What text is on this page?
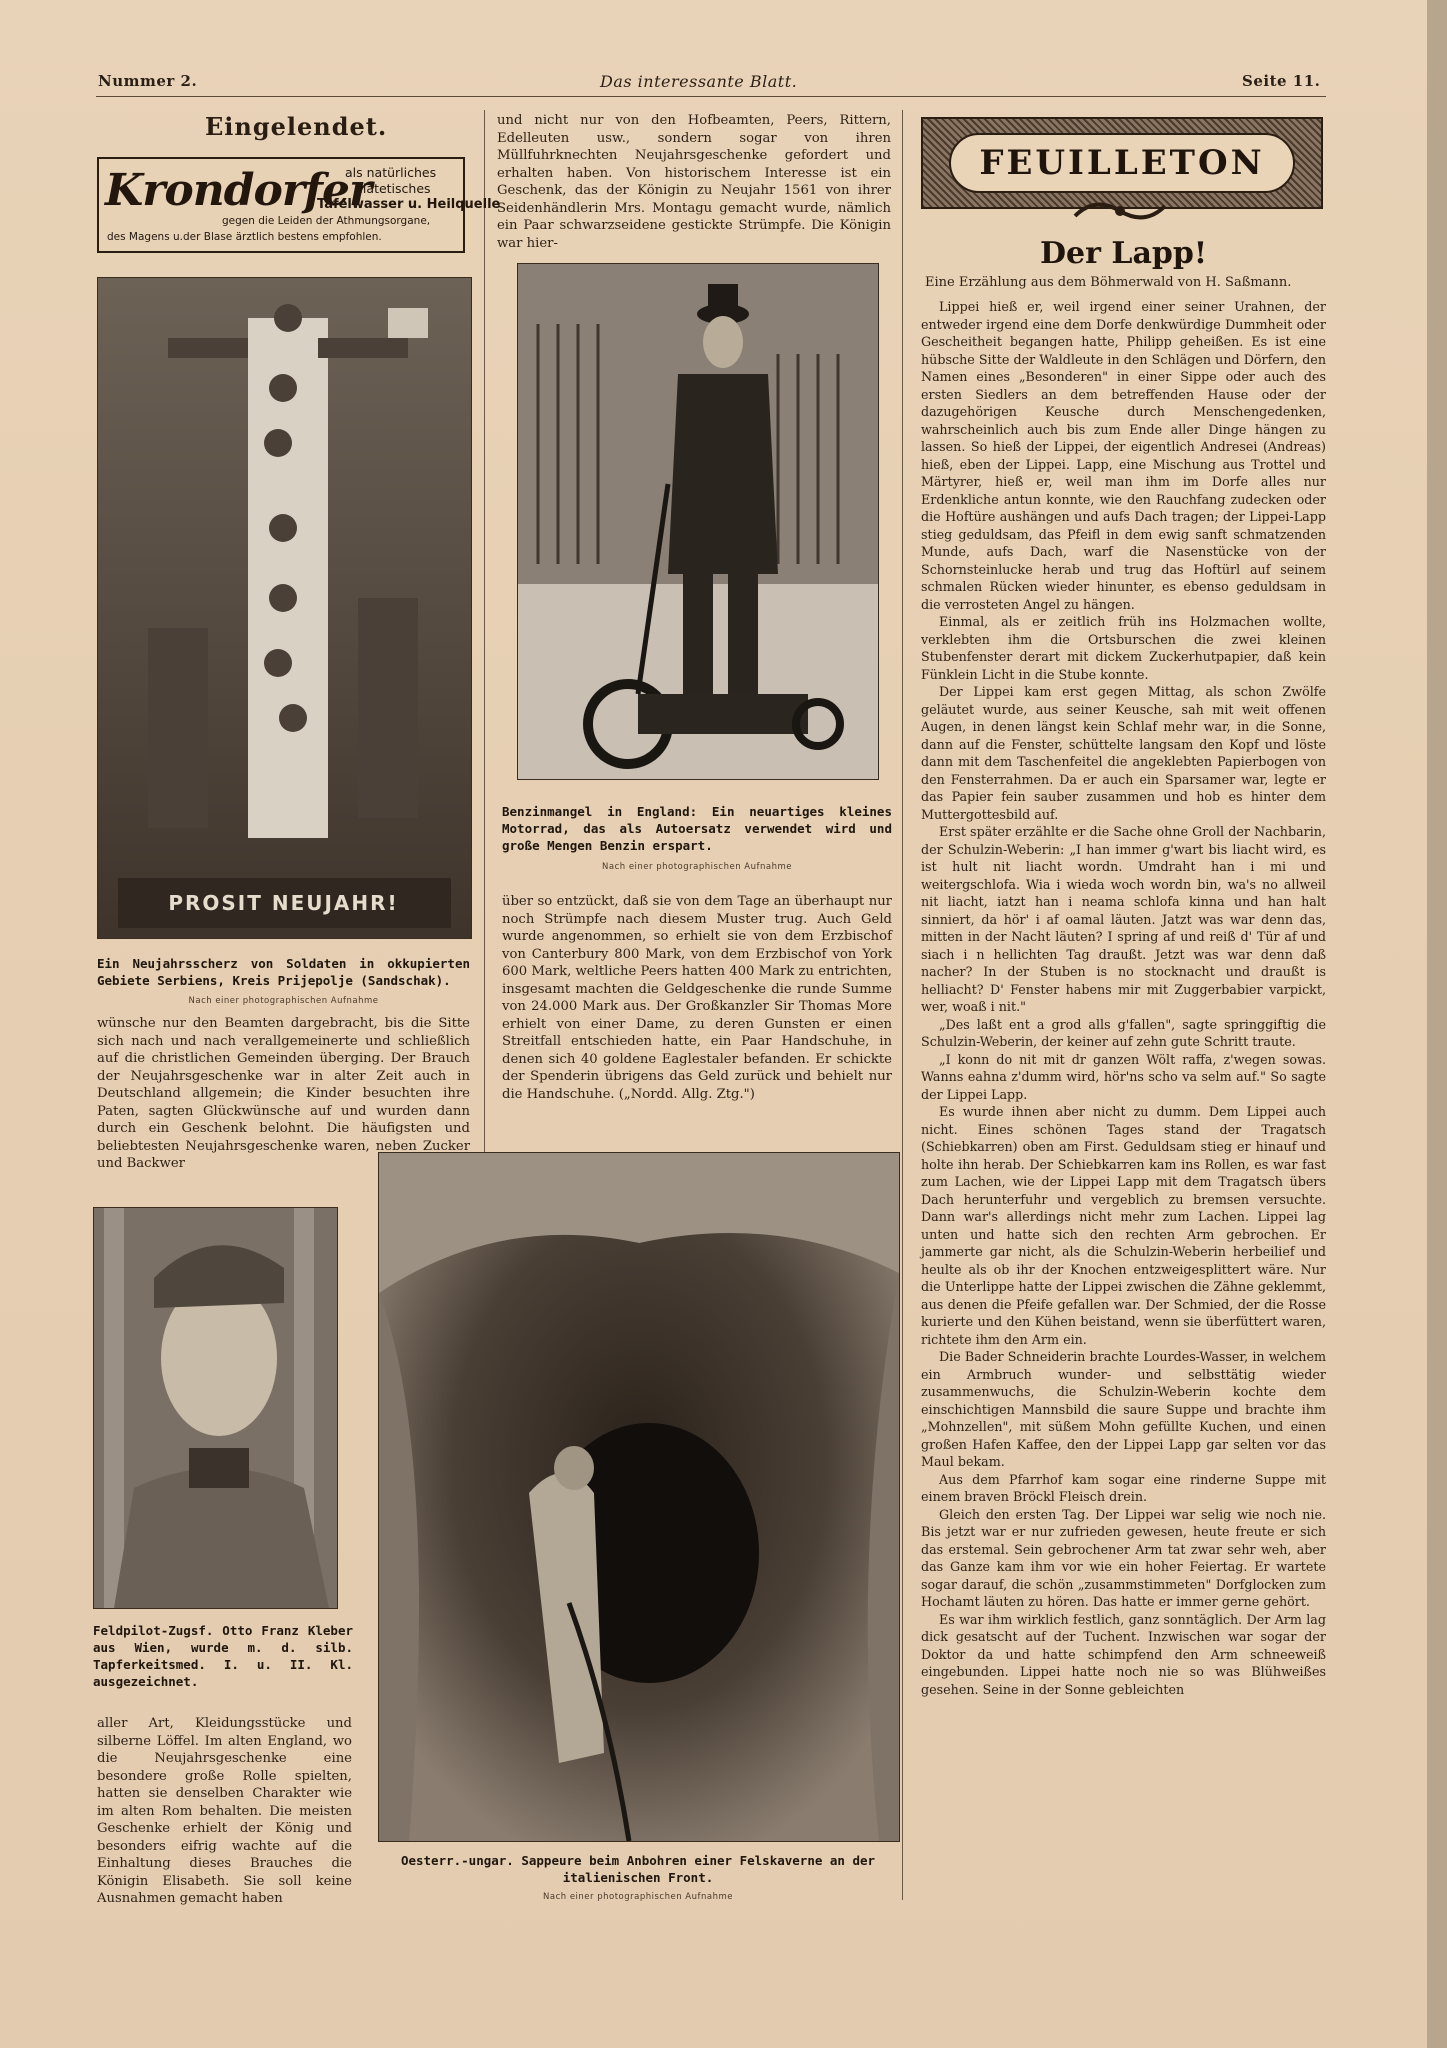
Nummer 2.	Das interessante Blatt.	Seite 11.
Eingelendet.
Krondorfer
als natürliches
diätetisches
Tafelwasser u. Heilquelle
gegen die Leiden der Athmungsorgane,
des Magens u.der Blase ärztlich bestens empfohlen.
PROSIT NEUJAHR!
Ein Neujahrsscherz von Soldaten in okkupierten Gebiete Serbiens, Kreis Prijepolje (Sandschak).
Nach einer photographischen Aufnahme

wünsche nur den Beamten dargebracht, bis die Sitte sich nach und nach verallgemeinerte und schließlich auf die christlichen Gemeinden überging. Der Brauch der Neujahrsgeschenke war in alter Zeit auch in Deutschland allgemein; die Kinder besuchten ihre Paten, sagten Glückwünsche auf und wurden dann durch ein Geschenk belohnt. Die häufigsten und beliebtesten Neujahrsgeschenke waren, neben Zucker und Backwer

Feldpilot-Zugsf. Otto Franz Kleber aus Wien, wurde m. d. silb. Tapferkeitsmed. I. u. II. Kl. ausgezeichnet.

aller Art, Kleidungsstücke und silberne Löffel. Im alten England, wo die Neujahrsgeschenke eine besondere große Rolle spielten, hatten sie denselben Charakter wie im alten Rom behalten. Die meisten Geschenke erhielt der König und besonders eifrig wachte auf die Einhaltung dieses Brauches die Königin Elisabeth. Sie soll keine Ausnahmen gemacht haben

und nicht nur von den Hofbeamten, Peers, Rittern, Edelleuten usw., sondern sogar von ihren Müllfuhrknechten Neujahrsgeschenke gefordert und erhalten haben. Von historischem Interesse ist ein Geschenk, das der Königin zu Neujahr 1561 von ihrer Seidenhändlerin Mrs. Montagu gemacht wurde, nämlich ein Paar schwarzseidene gestickte Strümpfe. Die Königin war hier-

Benzinmangel in England: Ein neuartiges kleines Motorrad, das als Autoersatz verwendet wird und große Mengen Benzin erspart.
Nach einer photographischen Aufnahme

über so entzückt, daß sie von dem Tage an überhaupt nur noch Strümpfe nach diesem Muster trug. Auch Geld wurde angenommen, so erhielt sie von dem Erzbischof von Canterbury 800 Mark, von dem Erzbischof von York 600 Mark, weltliche Peers hatten 400 Mark zu entrichten, insgesamt machten die Geldgeschenke die runde Summe von 24.000 Mark aus. Der Großkanzler Sir Thomas More erhielt von einer Dame, zu deren Gunsten er einen Streitfall entschieden hatte, ein Paar Handschuhe, in denen sich 40 goldene Eaglestaler befanden. Er schickte der Spenderin übrigens das Geld zurück und behielt nur die Handschuhe. („Nordd. Allg. Ztg.")

Oesterr.-ungar. Sappeure beim Anbohren einer Felskaverne an der italienischen Front.
Nach einer photographischen Aufnahme
FEUILLETON
Der Lapp!
Eine Erzählung aus dem Böhmerwald von H. Saßmann.

Lippei hieß er, weil irgend einer seiner Urahnen, der entweder irgend eine dem Dorfe denkwürdige Dummheit oder Gescheitheit begangen hatte, Philipp geheißen. Es ist eine hübsche Sitte der Waldleute in den Schlägen und Dörfern, den Namen eines „Besonderen" in einer Sippe oder auch des ersten Siedlers an dem betreffenden Hause oder der dazugehörigen Keusche durch Menschengedenken, wahrscheinlich auch bis zum Ende aller Dinge hängen zu lassen. So hieß der Lippei, der eigentlich Andresei (Andreas) hieß, eben der Lippei. Lapp, eine Mischung aus Trottel und Märtyrer, hieß er, weil man ihm im Dorfe alles nur Erdenkliche antun konnte, wie den Rauchfang zudecken oder die Hoftüre aushängen und aufs Dach tragen; der Lippei-Lapp stieg geduldsam, das Pfeifl in dem ewig sanft schmatzenden Munde, aufs Dach, warf die Nasenstücke von der Schornsteinlucke herab und trug das Hoftürl auf seinem schmalen Rücken wieder hinunter, es ebenso geduldsam in die verrosteten Angel zu hängen.

Einmal, als er zeitlich früh ins Holzmachen wollte, verklebten ihm die Ortsburschen die zwei kleinen Stubenfenster derart mit dickem Zuckerhutpapier, daß kein Fünklein Licht in die Stube konnte.

Der Lippei kam erst gegen Mittag, als schon Zwölfe geläutet wurde, aus seiner Keusche, sah mit weit offenen Augen, in denen längst kein Schlaf mehr war, in die Sonne, dann auf die Fenster, schüttelte langsam den Kopf und löste dann mit dem Taschenfeitel die angeklebten Papierbogen von den Fensterrahmen. Da er auch ein Sparsamer war, legte er das Papier fein sauber zusammen und hob es hinter dem Muttergottesbild auf.

Erst später erzählte er die Sache ohne Groll der Nachbarin, der Schulzin-Weberin: „I han immer g'wart bis liacht wird, es ist hult nit liacht wordn. Umdraht han i mi und weitergschlofa. Wia i wieda woch wordn bin, wa's no allweil nit liacht, iatzt han i neama schlofa kinna und han halt sinniert, da hör' i af oamal läuten. Jatzt was war denn das, mitten in der Nacht läuten? I spring af und reiß d' Tür af und siach i n hellichten Tag draußt. Jetzt was war denn daß nacher? In der Stuben is no stocknacht und draußt is helliacht? D' Fenster habens mir mit Zuggerbabier varpickt, wer, woaß i nit."

„Des laßt ent a grod alls g'fallen", sagte springgiftig die Schulzin-Weberin, der keiner auf zehn gute Schritt traute.

„I konn do nit mit dr ganzen Wölt raffa, z'wegen sowas. Wanns eahna z'dumm wird, hör'ns scho va selm auf." So sagte der Lippei Lapp.

Es wurde ihnen aber nicht zu dumm. Dem Lippei auch nicht. Eines schönen Tages stand der Tragatsch (Schiebkarren) oben am First. Geduldsam stieg er hinauf und holte ihn herab. Der Schiebkarren kam ins Rollen, es war fast zum Lachen, wie der Lippei Lapp mit dem Tragatsch übers Dach herunterfuhr und vergeblich zu bremsen versuchte. Dann war's allerdings nicht mehr zum Lachen. Lippei lag unten und hatte sich den rechten Arm gebrochen. Er jammerte gar nicht, als die Schulzin-Weberin herbeilief und heulte als ob ihr der Knochen entzweigesplittert wäre. Nur die Unterlippe hatte der Lippei zwischen die Zähne geklemmt, aus denen die Pfeife gefallen war. Der Schmied, der die Rosse kurierte und den Kühen beistand, wenn sie überfüttert waren, richtete ihm den Arm ein.

Die Bader Schneiderin brachte Lourdes-Wasser, in welchem ein Armbruch wunder- und selbsttätig wieder zusammenwuchs, die Schulzin-Weberin kochte dem einschichtigen Mannsbild die saure Suppe und brachte ihm „Mohnzellen", mit süßem Mohn gefüllte Kuchen, und einen großen Hafen Kaffee, den der Lippei Lapp gar selten vor das Maul bekam.

Aus dem Pfarrhof kam sogar eine rinderne Suppe mit einem braven Bröckl Fleisch drein.

Gleich den ersten Tag. Der Lippei war selig wie noch nie. Bis jetzt war er nur zufrieden gewesen, heute freute er sich das erstemal. Sein gebrochener Arm tat zwar sehr weh, aber das Ganze kam ihm vor wie ein hoher Feiertag. Er wartete sogar darauf, die schön „zusammstimmeten" Dorfglocken zum Hochamt läuten zu hören. Das hatte er immer gerne gehört.

Es war ihm wirklich festlich, ganz sonntäglich. Der Arm lag dick gesatscht auf der Tuchent. Inzwischen war sogar der Doktor da und hatte schimpfend den Arm schneeweiß eingebunden. Lippei hatte noch nie so was Blühweißes gesehen. Seine in der Sonne gebleichten
